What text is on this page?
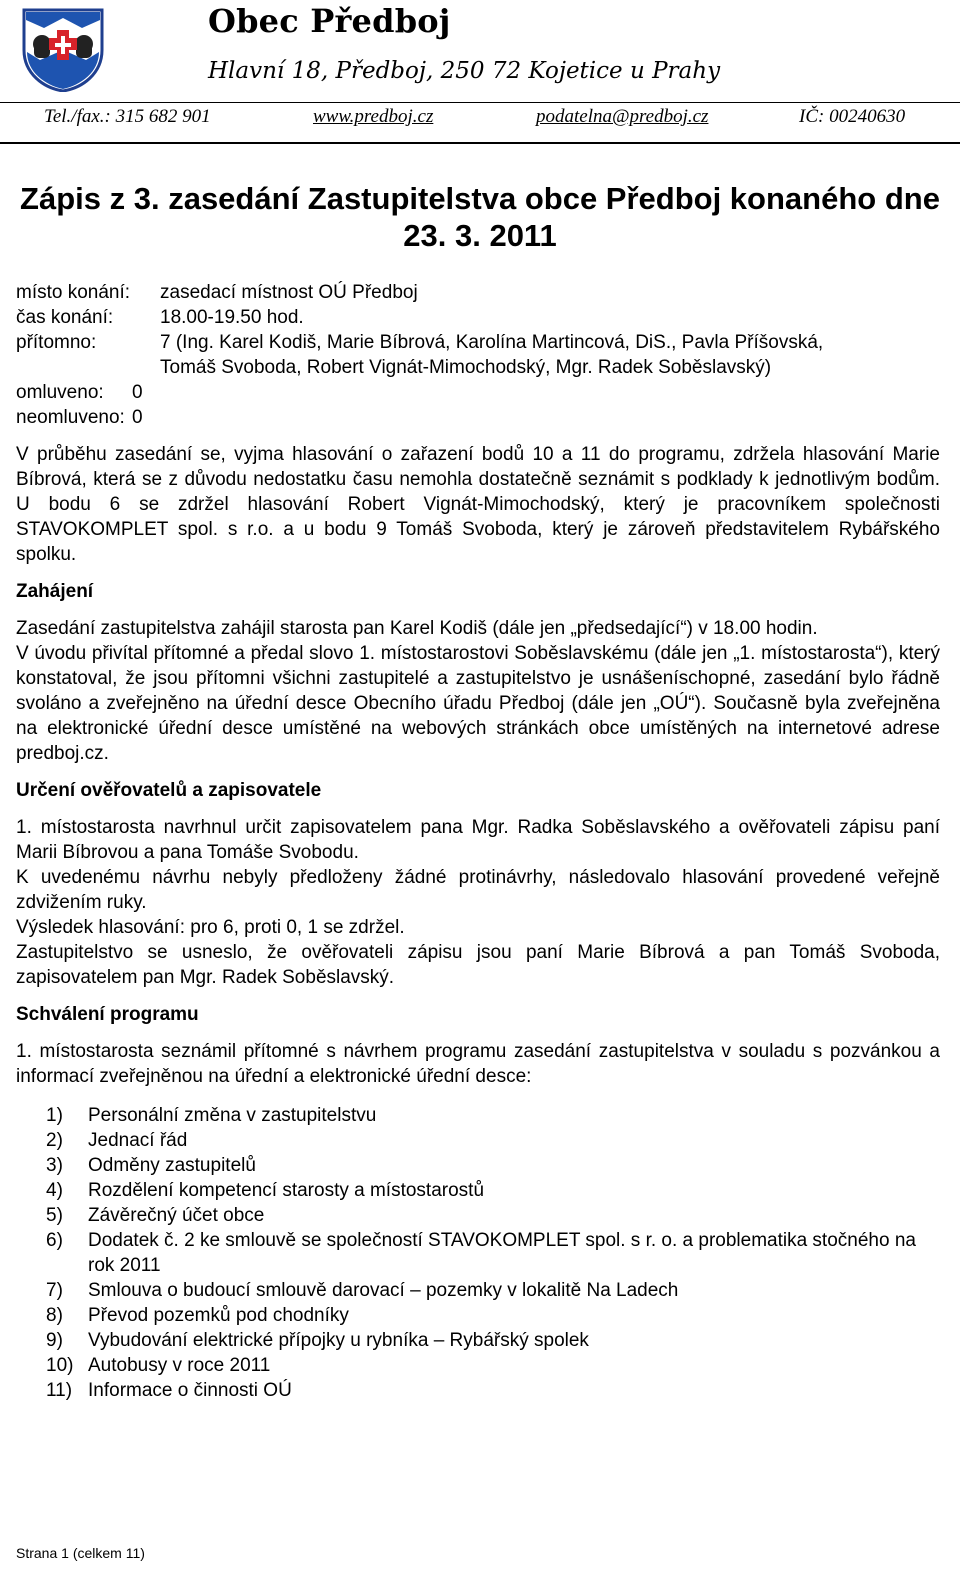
Obec Předboj
Hlavní 18, Předboj, 250 72 Kojetice u Prahy
Tel./fax.: 315 682 901	www.predboj.cz	podatelna@predboj.cz	IČ: 00240630
Zápis z 3. zasedání Zastupitelstva obce Předboj konaného dne 23. 3. 2011
místo konání:	zasedací místnost OÚ Předboj
čas konání:	18.00-19.50 hod.
přítomno:	7 (Ing. Karel Kodiš, Marie Bíbrová, Karolína Martincová, DiS., Pavla Příšovská, Tomáš Svoboda, Robert Vignát-Mimochodský, Mgr. Radek Soběslavský)
omluveno:	0
neomluveno: 0

V průběhu zasedání se, vyjma hlasování o zařazení bodů 10 a 11 do programu, zdržela hlasování Marie Bíbrová, která se z důvodu nedostatku času nemohla dostatečně seznámit s podklady k jednotlivým bodům. U bodu 6 se zdržel hlasování Robert Vignát-Mimochodský, který je pracovníkem společnosti STAVOKOMPLET spol. s r.o. a u bodu 9 Tomáš Svoboda, který je zároveň představitelem Rybářského spolku.

Zahájení

Zasedání zastupitelstva zahájil starosta pan Karel Kodiš (dále jen „předsedající“) v 18.00 hodin.

V úvodu přivítal přítomné a předal slovo 1. místostarostovi Soběslavskému (dále jen „1. místostarosta“), který konstatoval, že jsou přítomni všichni zastupitelé a zastupitelstvo je usnášeníschopné, zasedání bylo řádně svoláno a zveřejněno na úřední desce Obecního úřadu Předboj (dále jen „OÚ“). Současně byla zveřejněna na elektronické úřední desce umístěné na webových stránkách obce umístěných na internetové adrese predboj.cz.

Určení ověřovatelů a zapisovatele

1. místostarosta navrhnul určit zapisovatelem pana Mgr. Radka Soběslavského a ověřovateli zápisu paní Marii Bíbrovou a pana Tomáše Svobodu.

K uvedenému návrhu nebyly předloženy žádné protinávrhy, následovalo hlasování provedené veřejně zdvižením ruky.

Výsledek hlasování: pro 6, proti 0, 1 se zdržel.

Zastupitelstvo se usneslo, že ověřovateli zápisu jsou paní Marie Bíbrová a pan Tomáš Svoboda, zapisovatelem pan Mgr. Radek Soběslavský.

Schválení programu

1. místostarosta seznámil přítomné s návrhem programu zasedání zastupitelstva v souladu s pozvánkou a informací zveřejněnou na úřední a elektronické úřední desce:

1)	Personální změna v zastupitelstvu
2)	Jednací řád
3)	Odměny zastupitelů
4)	Rozdělení kompetencí starosty a místostarostů
5)	Závěrečný účet obce
6)	Dodatek č. 2 ke smlouvě se společností STAVOKOMPLET spol. s r. o. a problematika stočného na rok 2011
7)	Smlouva o budoucí smlouvě darovací – pozemky v lokalitě Na Ladech
8)	Převod pozemků pod chodníky
9)	Vybudování elektrické přípojky u rybníka – Rybářský spolek
10) Autobusy v roce 2011
11) Informace o činnosti OÚ
Strana 1 (celkem 11)
